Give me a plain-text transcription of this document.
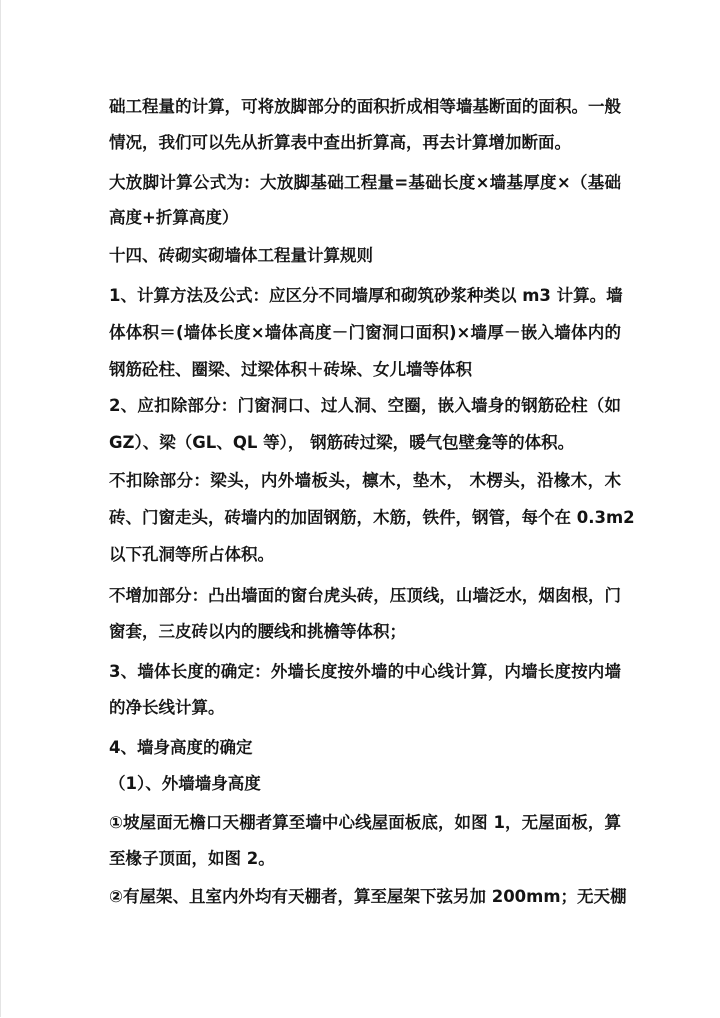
础工程量的计算，可将放脚部分的面积折成相等墙基断面的面积。一般
情况，我们可以先从折算表中查出折算高，再去计算增加断面。
大放脚计算公式为：大放脚基础工程量=基础长度×墙基厚度×（基础
高度+折算高度）
十四、砖砌实砌墙体工程量计算规则
1、计算方法及公式：应区分不同墙厚和砌筑砂浆种类以 m3 计算。墙
体体积＝(墙体长度×墙体高度－门窗洞口面积)×墙厚－嵌入墙体内的
钢筋砼柱、圈梁、过梁体积＋砖垛、女儿墙等体积
2、应扣除部分：门窗洞口、过人洞、空圈，嵌入墙身的钢筋砼柱（如
GZ）、梁（GL、QL 等）， 钢筋砖过梁，暖气包壁龛等的体积。
不扣除部分：梁头，内外墙板头，檩木，垫木， 木楞头，沿椽木，木
砖、门窗走头，砖墙内的加固钢筋，木筋，铁件，钢管，每个在 0.3m2
以下孔洞等所占体积。
不增加部分：凸出墙面的窗台虎头砖，压顶线，山墙泛水，烟囱根，门
窗套，三皮砖以内的腰线和挑檐等体积；
3、墙体长度的确定：外墙长度按外墙的中心线计算，内墙长度按内墙
的净长线计算。
4、墙身高度的确定
（1）、外墙墙身高度
①坡屋面无檐口天棚者算至墙中心线屋面板底，如图 1，无屋面板，算
至椽子顶面，如图 2。
②有屋架、且室内外均有天棚者，算至屋架下弦另加 200mm；无天棚
